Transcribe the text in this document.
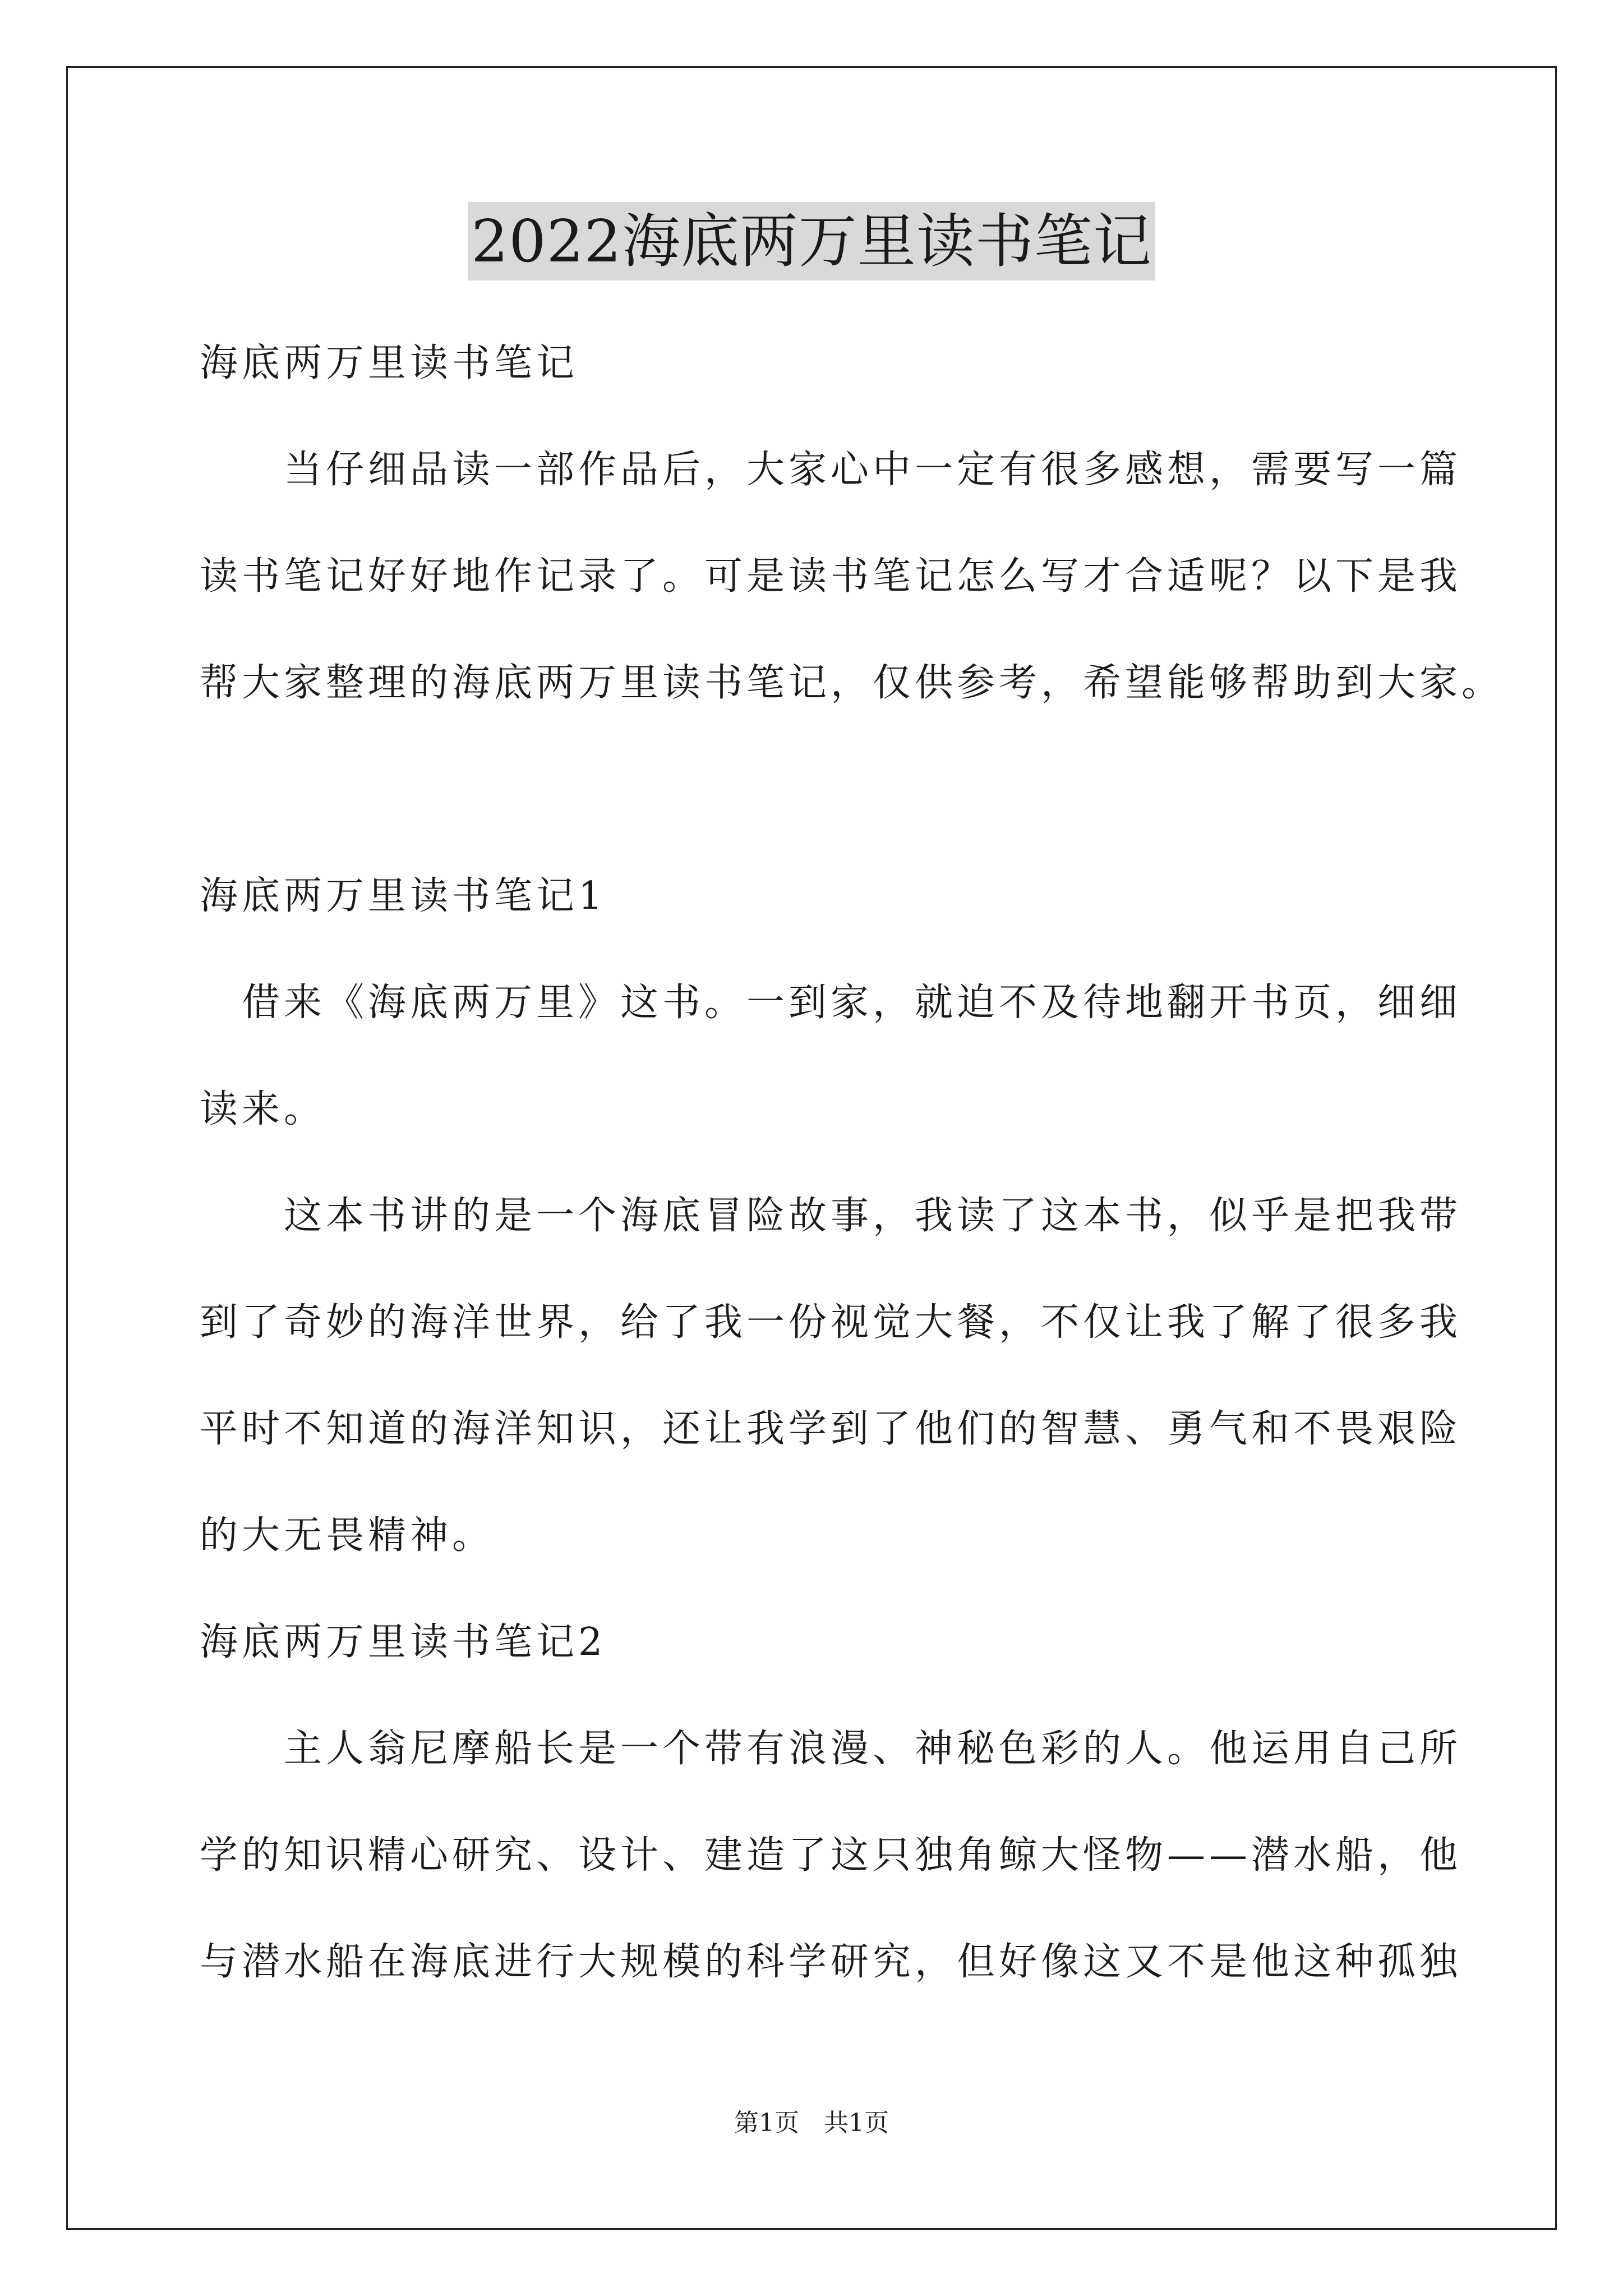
2022海底两万里读书笔记
海底两万里读书笔记
　　当仔细品读一部作品后，大家心中一定有很多感想，需要写一篇
读书笔记好好地作记录了。可是读书笔记怎么写才合适呢？以下是我
帮大家整理的海底两万里读书笔记，仅供参考，希望能够帮助到大家。
海底两万里读书笔记1
　借来《海底两万里》这书。一到家，就迫不及待地翻开书页，细细
读来。
　　这本书讲的是一个海底冒险故事，我读了这本书，似乎是把我带
到了奇妙的海洋世界，给了我一份视觉大餐，不仅让我了解了很多我
平时不知道的海洋知识，还让我学到了他们的智慧、勇气和不畏艰险
的大无畏精神。
海底两万里读书笔记2
　　主人翁尼摩船长是一个带有浪漫、神秘色彩的人。他运用自己所
学的知识精心研究、设计、建造了这只独角鲸大怪物——潜水船，他
与潜水船在海底进行大规模的科学研究，但好像这又不是他这种孤独
第1页　共1页
